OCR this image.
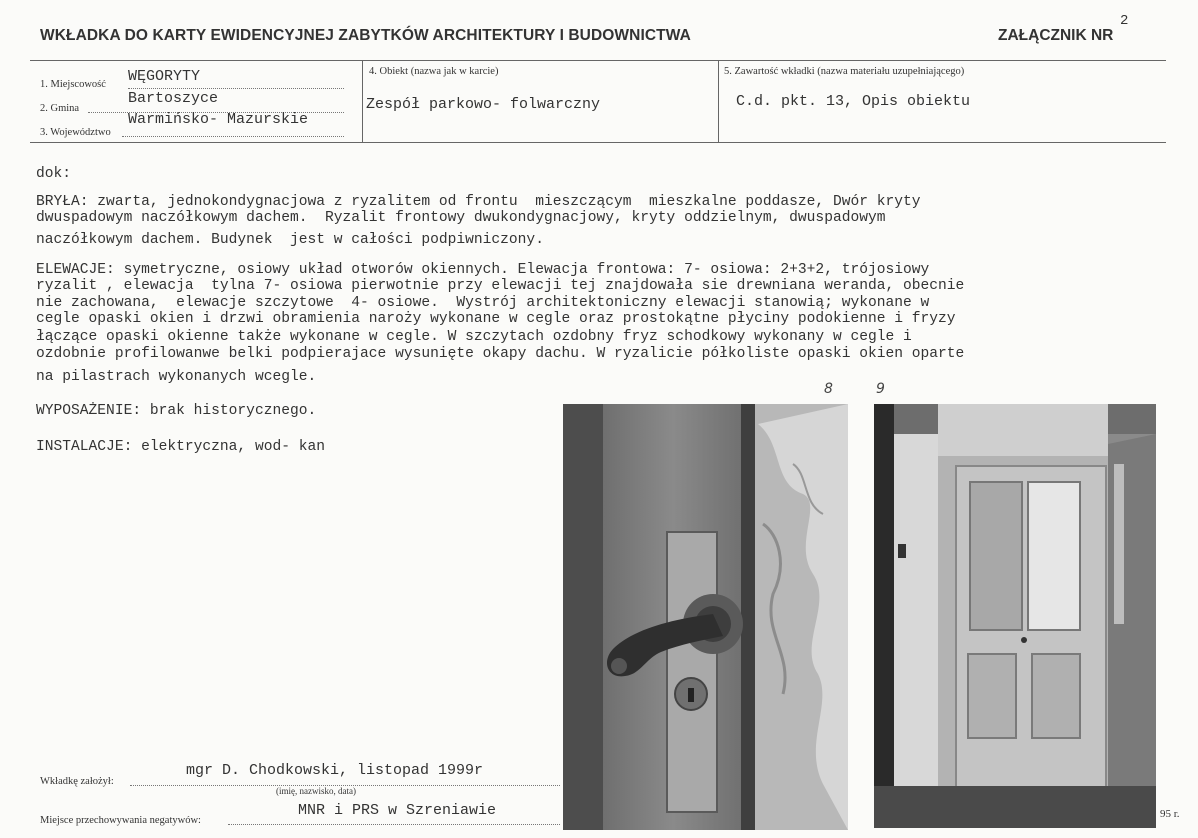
WKŁADKA DO KARTY EWIDENCYJNEJ ZABYTKÓW ARCHITEKTURY I BUDOWNICTWA	ZAŁĄCZNIK NR
2
1. Miejscowość WĘGORYTY
2. Gmina
Bartoszyce
3. Województwo
Warmińsko- Mazurskie
4. Obiekt (nazwa jak w karcie)
Zespół parkowo- folwarczny
5. Zawartość wkładki (nazwa materiału uzupełniającego)
C.d. pkt. 13, Opis obiektu
dok:
BRYŁA: zwarta, jednokondygnacjowa z ryzalitem od frontu  mieszczącym  mieszkalne poddasze, Dwór kryty
dwuspadowym naczółkowym dachem.  Ryzalit frontowy dwukondygnacjowy, kryty oddzielnym, dwuspadowym
naczółkowym dachem. Budynek  jest w całości podpiwniczony.
ELEWACJE: symetryczne, osiowy układ otworów okiennych. Elewacja frontowa: 7- osiowa: 2+3+2, trójosiowy
ryzalit , elewacja  tylna 7- osiowa pierwotnie przy elewacji tej znajdowała sie drewniana weranda, obecnie
nie zachowana,  elewacje szczytowe  4- osiowe.  Wystrój architektoniczny elewacji stanowią; wykonane w
cegle opaski okien i drzwi obramienia naroży wykonane w cegle oraz prostokątne płyciny podokienne i fryzy
łączące opaski okienne także wykonane w cegle. W szczytach ozdobny fryz schodkowy wykonany w cegle i
ozdobnie profilowanwe belki podpierajace wysunięte okapy dachu. W ryzalicie półkoliste opaski okien oparte
na pilastrach wykonanych wcegle.
WYPOSAŻENIE: brak historycznego.
INSTALACJE: elektryczna, wod- kan
8	9
Wkładkę założył:
mgr D. Chodkowski, listopad 1999r
(imię, nazwisko, data)
Miejsce przechowywania negatywów:
MNR i PRS w Szreniawie	95 r.
